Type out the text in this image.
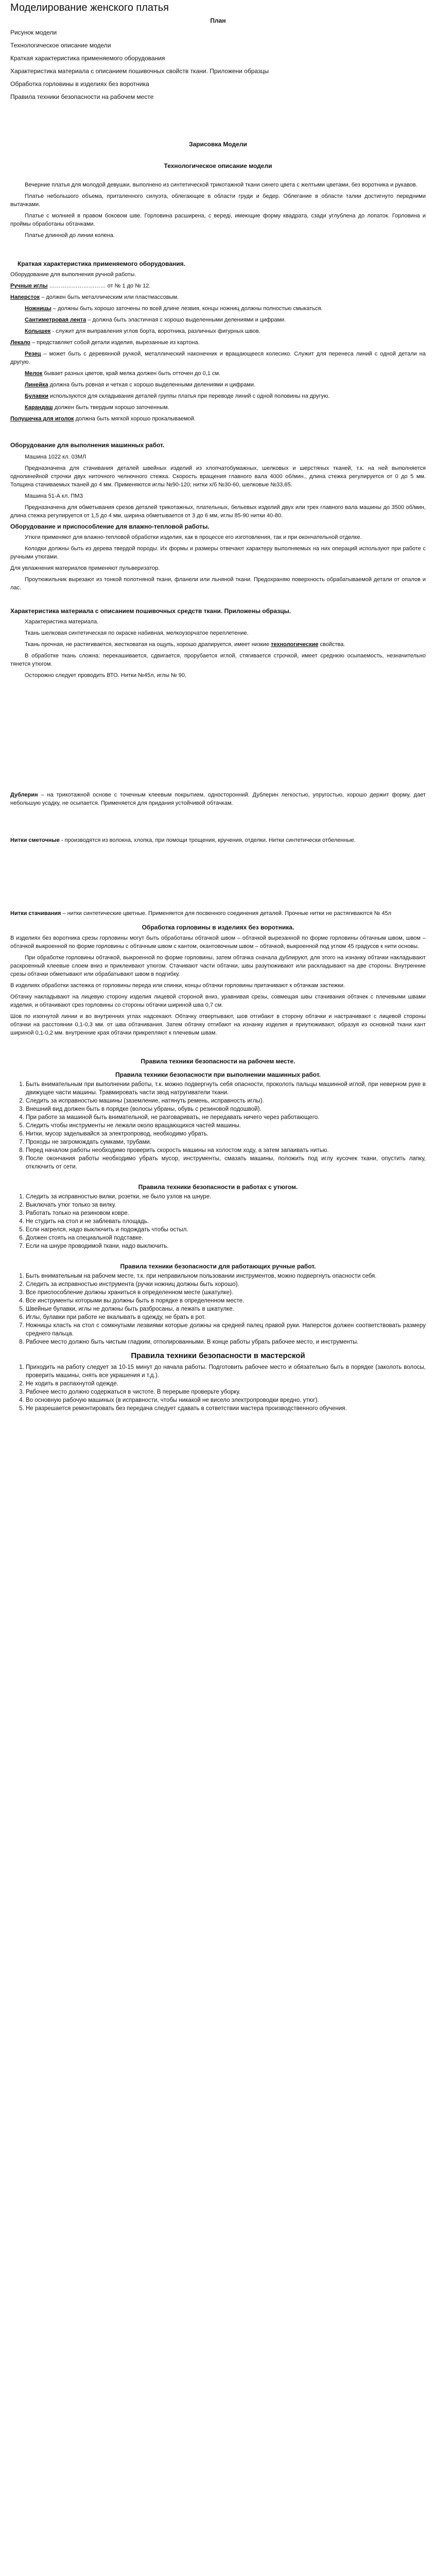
Моделирование женского платья
План
Рисунок модели
Технологическое описание модели
Краткая характеристика применяемого оборудования
Характеристика материала с описанием пошивочных свойств ткани. Приложени образцы
Обработка горловины в изделиях без воротника
Правила техники безопасности на рабочем месте
Зарисовка Модели
Технологическое описание модели

Вечерние платья для молодой девушки, выполнено из синтетической трикотажной ткани синего цвета с желтыми цветами, без воротника и рукавов.

Платье небольшого объема, приталенного силуэта, облегающее в области груди и бедер. Облегание в области талии достигнуто передними вытачками.

Платье с молнией в правом боковом шве. Горловина расширена, с вередi, имеющие форму квадрата, сзади углублена до лопаток. Горловина и проймы обработаны обтачками.

Платье длинной до линии колена.

Краткая характеристика применяемого оборудования.

Оборудование для выполнения ручной работы.

Ручные иглы ………………………… от № 1 до № 12.

Наперсток – должен быть металлическим или пластмассовым.

Ножницы – должны быть хорошо заточены по всей длине лезвия, концы ножниц должны полностью смыкаться.

Сантиметровая лента – должна быть эластичная с хорошо выделенными делениями и цифрами.

Колышек - служит для выправления углов борта, воротника, различных фигурных швов.

Лекало – представляет собой детали изделия, вырезанные из картона.

Резец – может быть с деревянной ручкой, металлический наконечник и вращающееся колесико. Служит для перенеса линий с одной детали на другую.

Мелок бывает разных цветов, край мелка должен быть отточен до 0,1 см.

Линейка должна быть ровная и четкая с хорошо выделенными делениями и цифрами.

Булавки используются для складывания деталей группы платья при переводе линий с одной половины на другую.

Карандаш должен быть твердым хорошо заточенным.

Полушечка для иголок должна быть мягкой хорошо прокалываемой.

Оборудование для выполнения машинных работ.

Машина 1022 кл. 03МЛ

Предназначена для стачивания деталей швейных изделий из хлопчатобумажных, шелковых и шерстяных тканей, т.к. на ней выполняется однолинейной строчки двух ниточного челночного стежка. Скорость вращения главного вала 4000 об/мин., длина стежка регулируется от 0 до 5 мм. Толщина стачиваемых тканей до 4 мм. Применяются иглы №90-120; нитки х/б №30-60, шелковые №33,65.

Машина 51-А кл. ПМЗ

Предназначена для обметывания срезов деталей трикотажных, плательных, бельевых изделий двух или трех главного вала машины до 3500 об/мин, длина стежка регулируется от 1,5 до 4 мм, ширина обметывается от 3 до 6 мм, иглы 85-90 нитки 40-80.

Оборудование и приспособление для влажно-тепловой работы.

Утюги применяют для влажно-тепловой обработки изделия, как в процессе его изготовления, так и при окончательной отделке.

Колодки должны быть из дерева твердой породы. Их формы и размеры отвечают характеру выполняемых на них операций используют при работе с ручными утюгами.

Для увлажнения материалов применяют пульверизатор.

Проутюжильник вырезают из тонкой полотняной ткани, фланели или льняной ткани. Предохраняю поверхность обрабатываемой детали от опалов и лас.

Характеристика материала с описанием пошивочных средств ткани. Приложены образцы.

Характеристика материала.

Ткань шелковая синтетическая по окраске набивная, мелкоузорчатое переплетение.

Ткань прочная, не растягивается, жестковатая на ощупь, хорошо драпируется, имеет низкие технологические свойства.

В обработке ткань сложна: перекашивается, сдвигается, прорубается иглой, стягивается строчкой, имеет среднюю осыпаемость, незначительно тянется утюгом.

Осторожно следует проводить ВТО. Нитки №45л, иглы № 90.

Дублерин – на трикотажной основе с точечным клеевым покрытием, односторонний. Дублерин легкостью, упругостью, хорошо держит форму, дает небольшую усадку, не осыпается. Применяется для придания устойчивой обтачкам.

Нитки сметочные - производятся из волокна, хлопка, при помощи трощения, кручения, отделки. Нитки синтетически отбеленные.

Нитки стачивания – нитки синтетические цветные. Применяется для посвенного соединения деталей. Прочные нитки не растягиваются № 45л

Обработка горловины в изделиях без воротника.

В изделиях без воротника срезы горловины могут быть обработаны обтачкой швом – обтачкой вырезанной по форме горловины обтачным швом, швом – обтачкой выкроенной по форме горловины с обтачным швом с кантом, окантовочным швом – обтачкой, выкроенной под углом 45 градусов к нити основы.

При обработке горловины обтачкой, выкроенной по форме горловины, затем обтачка сначала дублируют, для этого на изнанку обтачки накладывают раскроенный клеевые слоем вниз и приклеивают утюгом. Стачивают части обтачки, швы разутюживают или раскладывают на две стороны. Внутренние срезы обтачки обметывают или обрабатывают швом в подгибку.

В изделиях обработки застежка от горловины переда или спинки, концы обтачки горловины притачивают к обтачкам застежки.

Обтачку накладывают на лицевую сторону изделия лицевой стороной вниз, уравнивая срезы, совмещая швы стачивания обтачек с плечевыми швами изделия, и обтачивают срез горловины со стороны обтачки шириной шва 0,7 см.

Шов по изогнутой линии и во внутренних углах надсекают. Обтачку отвертывают, шов отгибают в сторону обтачки и настрачивают с лицевой стороны обтачки на расстоянии 0,1-0,3 мм. от шва обтачивания. Затем обтачку отгибают на изнанку изделия и приутюживают, образуя из основной ткани кант шириной 0,1-0,2 мм. внутренние края обтачки прикрепляют к плечевым швам.

Правила техники безопасности на рабочем месте.
Правила техники безопасности при выполнении машинных работ.
1. Быть внимательным при выполнении работы, т.к. можно подвергнуть себя опасности, проколоть пальцы машинной иглой, при неверном руке в движущее части машины. Травмировать части звод натругиватели ткани.
2. Следить за исправностью машины (заземление, натянуть ремень, исправность иглы).
3. Внешний вид должен быть в порядке (волосы убраны, обувь с резиновой подошвой).
4. При работе за машиной быть внимательной, не разговаривать, не передавать ничего через работающего.
5. Следить чтобы инструменты не лежали около вращающихся частей машины.
6. Нитки, мусор заделывайся за электропровод, необходимо убрать.
7. Проходы не загромождать сумками, трубами.
8. Перед началом работы необходимо проверить скорость машины на холостом ходу, а затем запаивать нитью.
9. После окончания работы необходимо убрать мусор, инструменты, смазать машины, положить под иглу кусочек ткани, опустить лапку, отключить от сети.
Правила техники безопасности в работах с утюгом.
1. Следить за исправностью вилки, розетки, не было узлов на шнуре.
2. Выключать утюг только за вилку.
3. Работать только на резиновом коврe.
4. Не студить на стол и не заблевать площадь.
5. Если нагрелся, надо выключить и подождать чтобы остыл.
6. Должен стоять на специальной подставке.
7. Если на шнуре проводимой ткани, надо выключить.
Правила техники безопасности для работающих ручные работ.
1. Быть внимательным на рабочем месте, т.к. при неправильном пользовании инструментов, можно подвергнуть опасности себя.
2. Следить за исправностью инструмента (ручки ножниц должны быть хорошо).
3. Все приспособление должны храниться в определенном месте (шкатулке).
4. Все инструменты которыми вы должны быть в порядке в определенном месте.
5. Швейные булавки, иглы не должны быть разбросаны, а лежать в шкатулке.
6. Иглы, булавки при работе не вкалывать в одежду, не брать в рот.
7. Ножницы класть на стол с сомкнутыми лезвиями которые должны на средней палец правой руки. Наперсток должен соответствовать размеру среднего пальца.
8. Рабочее место должно быть чистым гладким, отполированными. В конце работы убрать рабочее место, и инструменты.
Правила техники безопасности в мастерской
1. Приходить на работу следует за 10-15 минут до начала работы. Подготовить рабочее место и обязательно быть в порядке (заколоть волосы, проверить машины, снять все украшения и т.д.).
2. Не ходить в распахнутой одежде.
3. Рабочее место должно содержаться в чистоте. В перерыве проверьте уборку.
4. Во основную рабочую машиных (в исправности, чтобы никакой не висело электропроводки вредно, утюг).
5. Не разрешается ремонтировать без передача следует сдавать в сответствии мастера производственного обучения.
